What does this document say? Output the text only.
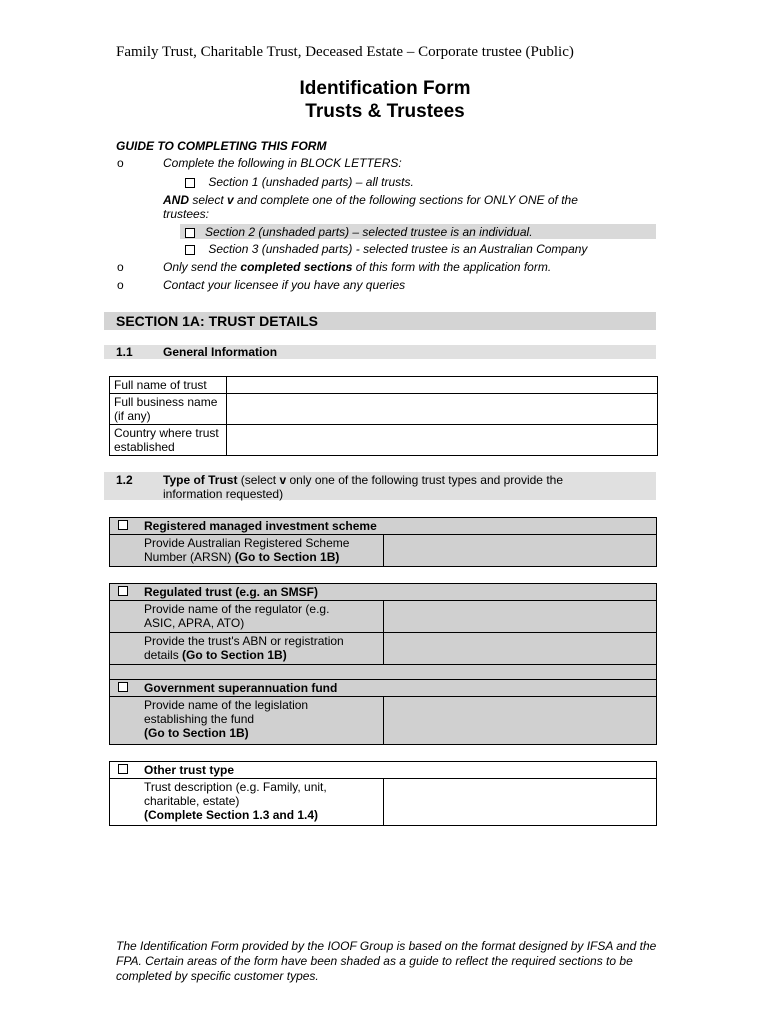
Family Trust, Charitable Trust, Deceased Estate – Corporate trustee (Public)
Identification Form
Trusts & Trustees
GUIDE TO COMPLETING THIS FORM
o	Complete the following in BLOCK LETTERS:
Section 1 (unshaded parts) – all trusts.
AND select v and complete one of the following sections for ONLY ONE of the
trustees:
Section 2 (unshaded parts) – selected trustee is an individual.
Section 3 (unshaded parts) - selected trustee is an Australian Company
o	Only send the completed sections of this form with the application form.
o	Contact your licensee if you have any queries
SECTION 1A: TRUST DETAILS
1.1	General Information
Full name of trust	
Full business name (if any)	
Country where trust established	
1.2	Type of Trust (select v only one of the following trust types and provide the
information requested)
Registered managed investment scheme
Provide Australian Registered Scheme
Number (ARSN) (Go to Section 1B)
Regulated trust (e.g. an SMSF)
Provide name of the regulator (e.g.
ASIC, APRA, ATO)
Provide the trust's ABN or registration
details (Go to Section 1B)
Government superannuation fund
Provide name of the legislation
establishing the fund
(Go to Section 1B)
Other trust type
Trust description (e.g. Family, unit,
charitable, estate)
(Complete Section 1.3 and 1.4)
The Identification Form provided by the IOOF Group is based on the format designed by IFSA and the FPA. Certain areas of the form have been shaded as a guide to reflect the required sections to be completed by specific customer types.
